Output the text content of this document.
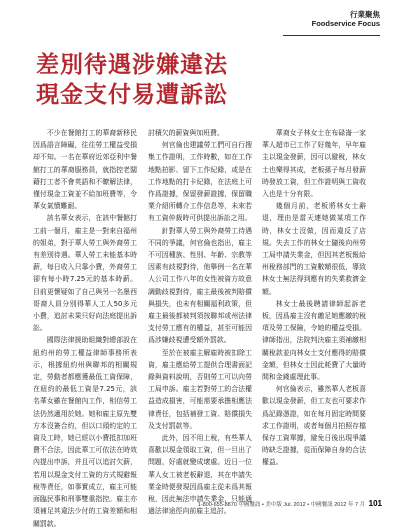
行業聚焦
Foodservice Focus
差別待遇涉嫌違法
現金支付易遭訴訟

不少在餐館打工的華裔新移民因爲語言障礙，往往勞工權益受損却不知。一名在華府近郊亞利中餐館打工的華裔服務員，就指控老闆藉打工者不會英語和不瞭解法律，僅付現金工資並不給加班費等，令華女氣憤難耐。

該名華女表示，在該中餐館打工前一個月，雇主是一對來自福州的姐弟，對于華人勞工與外裔勞工有差別待遇。華人勞工未能基本時薪，每日收入只靠小費，外裔勞工卻有每小時7.25元的基本時薪。目前更懷疑如了自己與另一名墨西哥裔人員分別得華人工人50多元小費，追討未果只好向法庭提出訴訟。

國際法律援助組織對總部設在紐約州的勞工權益律師事務所表示，根據紐約州與聯邦的相關規定，勞動者都應獲最低工資保障，在紐約的最低工資是7.25元，該名華女雖在餐館內工作，相信勞工法仍然適用於她。她和雇主原先雙方本沒簽合約，但以口頭約定的工資及工時，她已經以小費抵扣加班費不合法，因此華工可依法在時效內提出申訴，并且可以追討欠薪，若用以現金支付工資的方式規避報稅等責任，如事實成立，雇主可能面臨民事和刑事雙重指控。雇主亦須補足其違法少付的工資差額和相關罰款。

討積欠的薪資與加班費。

何官倫也建議勞工們可自行搜集工作證明，工作時數，如在工作地點拍影、留下工作紀錄，或是在工作地點的打卡紀錄，在法庭上可作爲證據，保留發薪證據，保留職業介紹所轉介工作信息等，未來若有工資仲裁時可供提出訴訟之用。

針對華人勞工與外裔勞工待遇不同的爭議，何官倫也指出，雇主不可因種族、性別、年齡、宗教等因素有歧視對待，他舉例一名在華人公司工作八年的女性被資方故意調動歧視對待，雇主最後被判賠償與損失，也未有相關福利政策，但雇主最後都被判須按聯邦或州法律支付勞工應有的權益，甚至可能因爲涉嫌歧視遭受額外罰款。

至於在被雇主解雇時被扣除工資，雇主應給勞工提供合理書面記錄與資料說明，否則勞工可以向勞工局申訴。雇主若對勞工的合法權益造成損害，可能需要承擔相應法律責任，包括補發工資、賠償損失及支付罰款等。

此外，因不用上稅，有些華人喜歡以現金領取工資，但一旦出了問題，好處就變成壞處。近日一位華人女工被老板辭退，其在申請失業金時便發現因爲雇主從未爲其報稅，因此無法申請失業金，只能通過法律途徑向前雇主追討。

華裔女子林女士在布碌崙一家華人超市已工作了好幾年，早年雇主以現金發薪，因可以避稅，林女士也樂得其成，老板孫子每月發薪時發放工資，但工作證明與工資收入也是十分有限。

幾個月前，老板將林女士辭退，理由是當天連她做某項工作時，林女士沒做，因而違反了店規。失去工作的林女士隨後向州勞工局申請失業金，但因其老板報給州稅務部門的工資數額很低，導致林女士無法得到應有的失業救濟金額。

林女士最後聘請律師起訴老板，因爲雇主沒有繳足她應繳的稅項及勞工保險，令她的權益受損。律師指出，法院判決雇主須補繳相關稅款並向林女士支付應得的賠償金額，但林女士因此耗費了大量時間和金錢處理此事。

何官倫表示，雖然華人老板喜歡以現金發薪，但工友也可要求作爲記錄憑證，如在每月固定時間要求工作證明，或者每個月拍照存檔保存工資單據，避免日後出現爭議時缺乏證據，從而保障自身的合法權益。

1-800-655-8870 中國餐訊 • 美中版 Jul. 2012 • 中國餐訊 2012 年 7 月 101
